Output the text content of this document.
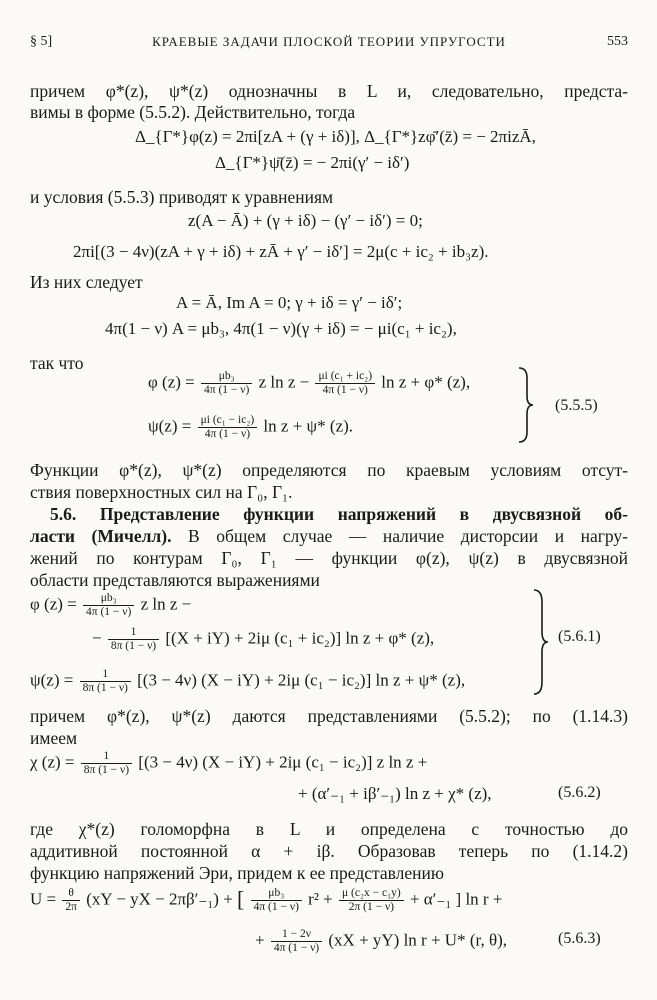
§ 5]	КРАЕВЫЕ ЗАДАЧИ ПЛОСКОЙ ТЕОРИИ УПРУГОСТИ	553
причем φ*(z), ψ*(z) однозначны в L и, следовательно, предста-
вимы в форме (5.5.2). Действительно, тогда
Δ_{Γ*}φ(z) = 2πi[zA + (γ + iδ)], Δ_{Γ*}zφ̄′(z̄) = − 2πizĀ,
Δ_{Γ*}ψ̄(z̄) = − 2πi(γ′ − iδ′)
и условия (5.5.3) приводят к уравнениям
z(A − Ā) + (γ + iδ) − (γ′ − iδ′) = 0;
2πi[(3 − 4ν)(zA + γ + iδ) + zĀ + γ′ − iδ′] = 2μ(c + ic₂ + ib₃z).
Из них следует
A = Ā, Im A = 0; γ + iδ = γ′ − iδ′;
4π(1 − ν) A = μb₃, 4π(1 − ν)(γ + iδ) = − μi(c₁ + ic₂),
так что
φ $(z) = \frac{\text{μb₃}}{4\pi (1 - \nu)}$ z $\ln z - \frac{\text{μi (c₁ + ic₂)}}{4\pi (1 - \nu)}$ ln z + φ* (z),
$\psi(z) = \frac{\text{μi (c₁ − ic₂)}}{4\pi (1 - \nu)}$ ln z + ψ* (z).
(5.5.5)
Функции φ*(z), ψ*(z) определяются по краевым условиям отсут-
ствия поверхностных сил на Γ₀, Γ₁.
5.6. Представление функции напряжений в двусвязной об-
ласти (Мичелл). В общем случае — наличие дисторсии и нагру-
жений по контурам Γ₀, Γ₁ — функции φ(z), ψ(z) в двусвязной
области представляются выражениями
φ $(z) = \frac{\text{μb₃}}{4\pi (1 - \nu)}$ z ln z −
− $\frac{1}{8\pi (1 - \nu)} [(X + iY) + 2i\mu$ (c₁ + ic₂)] ln z + φ* (z),
$\psi(z) = \frac{1}{8\pi (1 - \nu)} [(3 - 4\nu) (X - iY) + 2i\mu$ (c₁ − ic₂)] ln z + ψ* (z),
(5.6.1)
причем φ*(z), ψ*(z) даются представлениями (5.5.2); по (1.14.3)
имеем
χ $(z) = \frac{1}{8\pi (1 - \nu)} [(3 - 4\nu) (X - iY) + 2i\mu$ (c₁ − ic₂)] z ln z +
+ (α′₋₁ + iβ′₋₁) ln z + χ* (z),	(5.6.2)
где χ*(z) голоморфна в L и определена с точностью до
аддитивной постоянной α + iβ. Образовав теперь по (1.14.2)
функцию напряжений Эри, придем к ее представлению
$U = \frac{\theta}{2\pi} (xY$ − yX − 2πβ′₋₁) + [ $\frac{\text{μb₃}}{4\pi (1 - \nu)} r^2 + \frac{\text{μ (c₂x − c₁y)}}{2\pi (1 - \nu)} + \alpha'_{-1}$ ] ln r +
+ $\frac{1 - 2\nu}{4\pi (1 - \nu)} (xX + yY)$ ln r + U* (r, θ),	(5.6.3)
